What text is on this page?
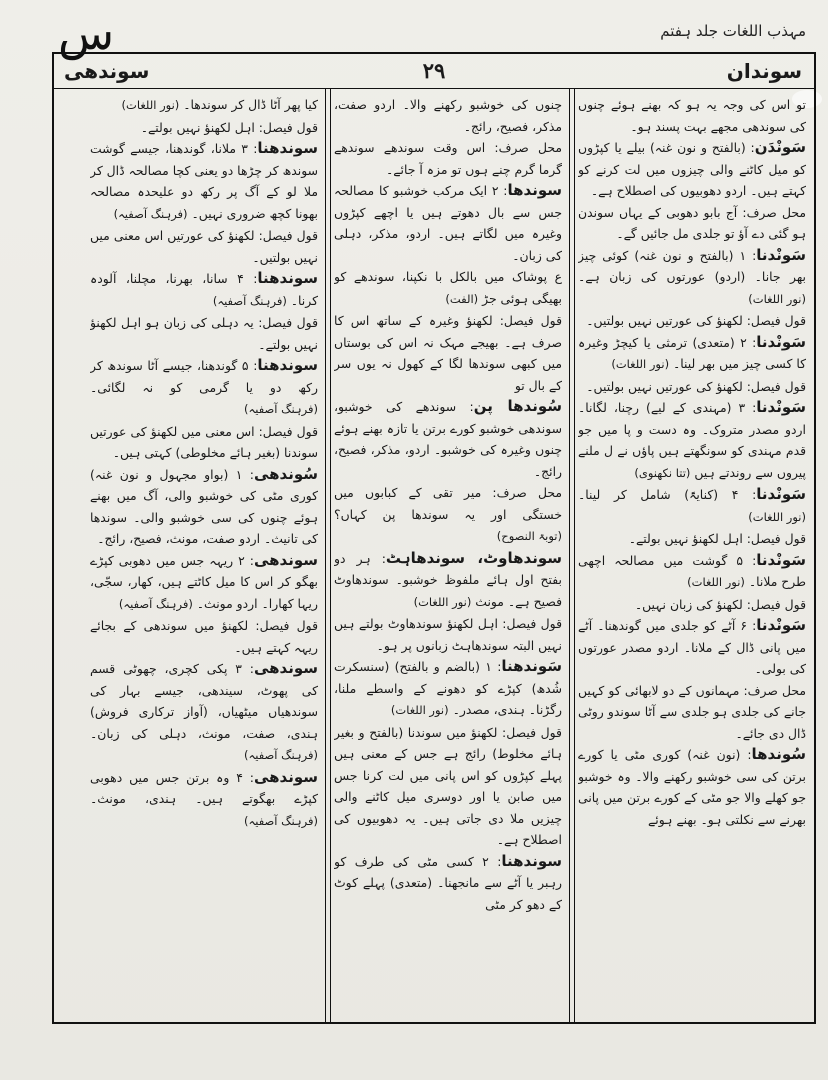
س	مہذب اللغات جلد ہفتم
سوندھی	۲۹	سوندان

تو اس کی وجہ یہ ہو کہ بھنے ہوئے چنوں کی سوندھی مجھے بہت پسند ہو۔

سَونْدَن: (بالفتح و نون غنہ) بیلے یا کپڑوں کو میل کاٹنے والی چیزوں میں لت کرنے کو کہتے ہیں۔ اردو دھوبیوں کی اصطلاح ہے۔

محل صرف: آج بابو دھوبی کے یہاں سوندن ہو گئی دے آؤ تو جلدی مل جائیں گے۔

سَونْدنا: ۱ (بالفتح و نون غنہ) کوئی چیز بھر جانا۔ (اردو) عورتوں کی زبان ہے۔ (نور اللغات)

قول فیصل: لکھنؤ کی عورتیں نہیں بولتیں۔

سَونْدنا: ۲ (متعدی) ترمثی یا کیچڑ وغیرہ کا کسی چیز میں بھر لینا۔ (نور اللغات)

قول فیصل: لکھنؤ کی عورتیں نہیں بولتیں۔

سَونْدنا: ۳ (مہندی کے لیے) رچنا، لگانا۔ اردو مصدر متروک۔ وہ دست و پا میں جو قدم مہندی کو سونگھتے ہیں پاؤں نے ل ملنے پیروں سے روندتے ہیں (تتا نکھنوی)

سَونْدنا: ۴ (کنایۃً) شامل کر لینا۔ (نور اللغات)

قول فیصل: اہل لکھنؤ نہیں بولتے۔

سَونْدنا: ۵ گوشت میں مصالحہ اچھی طرح ملانا۔ (نور اللغات)

قول فیصل: لکھنؤ کی زبان نہیں۔

سَونْدنا: ۶ آٹے کو جلدی میں گوندھنا۔ آٹے میں پانی ڈال کے ملانا۔ اردو مصدر عورتوں کی بولی۔

محل صرف: مہمانوں کے دو لابھائی کو کہیں جانے کی جلدی ہو جلدی سے آٹا سوندو روٹی ڈال دی جائے۔

سُوندھا: (نون غنہ) کوری مٹی یا کورے برتن کی سی خوشبو رکھنے والا۔ وہ خوشبو جو کھلے والا جو مٹی کے کورے برتن میں پانی بھرنے سے نکلتی ہو۔ بھنے ہوئے

چنوں کی خوشبو رکھنے والا۔ اردو صفت، مذکر، فصیح، رائج۔

محل صرف: اس وقت سوندھے سوندھے گرما گرم چنے ہوں تو مزہ آ جائے۔

سوندھا: ۲ ایک مرکب خوشبو کا مصالحہ جس سے بال دھوتے ہیں یا اچھے کپڑوں وغیرہ میں لگاتے ہیں۔ اردو، مذکر، دہلی کی زبان۔

ع پوشاک میں بالکل با نکپنا، سوندھے کو بھیگی ہوئی جڑ (الفت)

قول فیصل: لکھنؤ وغیرہ کے ساتھ اس کا صرف ہے۔ بھیجے مہک نہ اس کی بوستاں میں کبھی سوندھا لگا کے کھول نہ یوں سر کے بال تو

سُوندھا پن: سوندھے کی خوشبو، سوندھی خوشبو کورے برتن یا تازہ بھنے ہوئے چنوں وغیرہ کی خوشبو۔ اردو، مذکر، فصیح، رائج۔

محل صرف: میر تقی کے کبابوں میں خستگی اور یہ سوندھا پن کہاں؟ (توبۃ النصوح)

سوندھاوٹ، سوندھاہٹ: ہر دو بفتح اول ہائے ملفوظ خوشبو۔ سوندھاوٹ فصیح ہے۔ مونث (نور اللغات)

قول فیصل: اہل لکھنؤ سوندھاوٹ بولتے ہیں نہیں البتہ سوندھاہٹ زبانوں پر ہو۔

سَوندھنا: ۱ (بالضم و بالفتح) (سنسکرت شُدھ) کپڑے کو دھونے کے واسطے ملنا، رگڑنا۔ ہندی، مصدر۔ (نور اللغات)

قول فیصل: لکھنؤ میں سوندنا (بالفتح و بغیر ہائے مخلوط) رائج ہے جس کے معنی ہیں پہلے کپڑوں کو اس پانی میں لت کرنا جس میں صابن یا اور دوسری میل کاٹنے والی چیزیں ملا دی جاتی ہیں۔ یہ دھوبیوں کی اصطلاح ہے۔

سوندھنا: ۲ کسی مٹی کی طرف کو رہبر یا آٹے سے مانجھنا۔ (متعدی) پہلے کوٹ کے دھو کر مٹی

کیا پھر آٹا ڈال کر سوندھا۔ (نور اللغات)

قول فیصل: اہل لکھنؤ نہیں بولتے۔

سوندھنا: ۳ ملانا، گوندھنا، جیسے گوشت سوندھ کر چڑھا دو یعنی کچا مصالحہ ڈال کر ملا لو کے آگ پر رکھ دو علیحدہ مصالحہ بھونا کچھ ضروری نہیں۔ (فرہنگ آصفیہ)

قول فیصل: لکھنؤ کی عورتیں اس معنی میں نہیں بولتیں۔

سوندھنا: ۴ سانا، بھرنا، مچلنا، آلودہ کرنا۔ (فرہنگ آصفیہ)

قول فیصل: یہ دہلی کی زبان ہو اہل لکھنؤ نہیں بولتے۔

سوندھنا: ۵ گوندھنا، جیسے آٹا سوندھ کر رکھ دو یا گرمی کو نہ لگائی۔ (فرہنگ آصفیہ)

قول فیصل: اس معنی میں لکھنؤ کی عورتیں سوندنا (بغیر ہائے مخلوطی) کہتی ہیں۔

سُوندھی: ۱ (بواو مجہول و نون غنہ) کوری مٹی کی خوشبو والی، آگ میں بھنے ہوئے چنوں کی سی خوشبو والی۔ سوندھا کی تانیث۔ اردو صفت، مونث، فصیح، رائج۔

سوندھی: ۲ ریہہ جس میں دھوبی کپڑے بھگو کر اس کا میل کاٹتے ہیں، کھار، سجّی، ریہا کھارا۔ اردو مونث۔ (فرہنگ آصفیہ)

قول فیصل: لکھنؤ میں سوندھی کے بجائے ریہہ کہتے ہیں۔

سوندھی: ۳ پکی کچری، چھوٹی قسم کی پھوٹ، سیندھی، جیسے بہار کی سوندھیاں میٹھیاں، (آواز ترکاری فروش) ہندی، صفت، مونث، دہلی کی زبان۔ (فرہنگ آصفیہ)

سوندھی: ۴ وہ برتن جس میں دھوبی کپڑے بھگوتے ہیں۔ ہندی، مونث۔ (فرہنگ آصفیہ)
